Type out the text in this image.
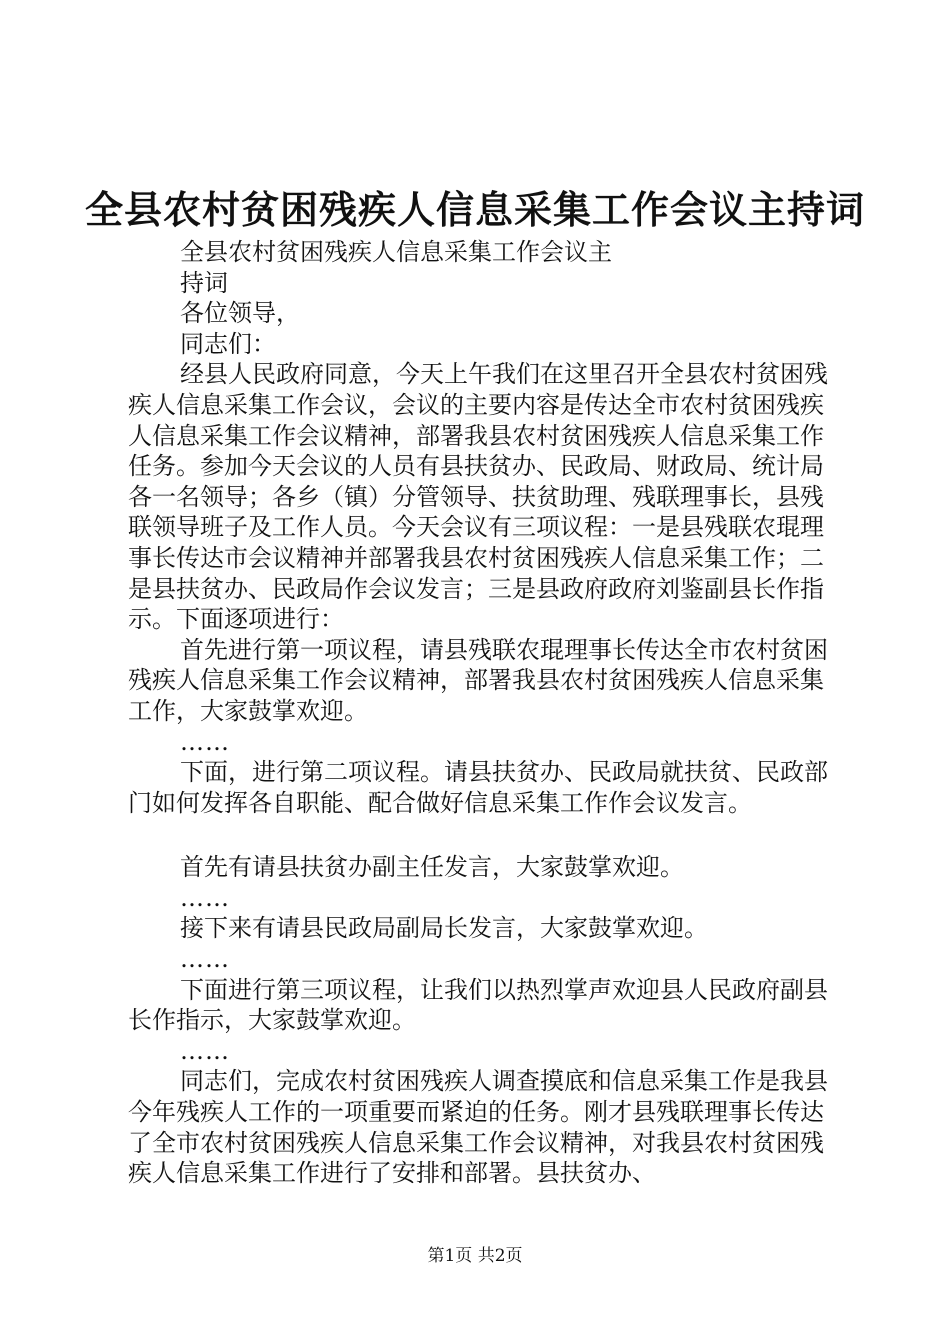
全县农村贫困残疾人信息采集工作会议主持词

全县农村贫困残疾人信息采集工作会议主

持词

各位领导，

同志们：

经县人民政府同意，今天上午我们在这里召开全县农村贫困残疾人信息采集工作会议，会议的主要内容是传达全市农村贫困残疾人信息采集工作会议精神，部署我县农村贫困残疾人信息采集工作任务。参加今天会议的人员有县扶贫办、民政局、财政局、统计局各一名领导；各乡（镇）分管领导、扶贫助理、残联理事长，县残联领导班子及工作人员。今天会议有三项议程：一是县残联农琨理事长传达市会议精神并部署我县农村贫困残疾人信息采集工作；二是县扶贫办、民政局作会议发言；三是县政府政府刘鉴副县长作指示。下面逐项进行：

首先进行第一项议程，请县残联农琨理事长传达全市农村贫困残疾人信息采集工作会议精神，部署我县农村贫困残疾人信息采集工作，大家鼓掌欢迎。

……

下面，进行第二项议程。请县扶贫办、民政局就扶贫、民政部门如何发挥各自职能、配合做好信息采集工作作会议发言。

首先有请县扶贫办副主任发言，大家鼓掌欢迎。

……

接下来有请县民政局副局长发言，大家鼓掌欢迎。

……

下面进行第三项议程，让我们以热烈掌声欢迎县人民政府副县长作指示，大家鼓掌欢迎。

……

同志们，完成农村贫困残疾人调查摸底和信息采集工作是我县今年残疾人工作的一项重要而紧迫的任务。刚才县残联理事长传达了全市农村贫困残疾人信息采集工作会议精神，对我县农村贫困残疾人信息采集工作进行了安排和部署。县扶贫办、

第1页 共2页
